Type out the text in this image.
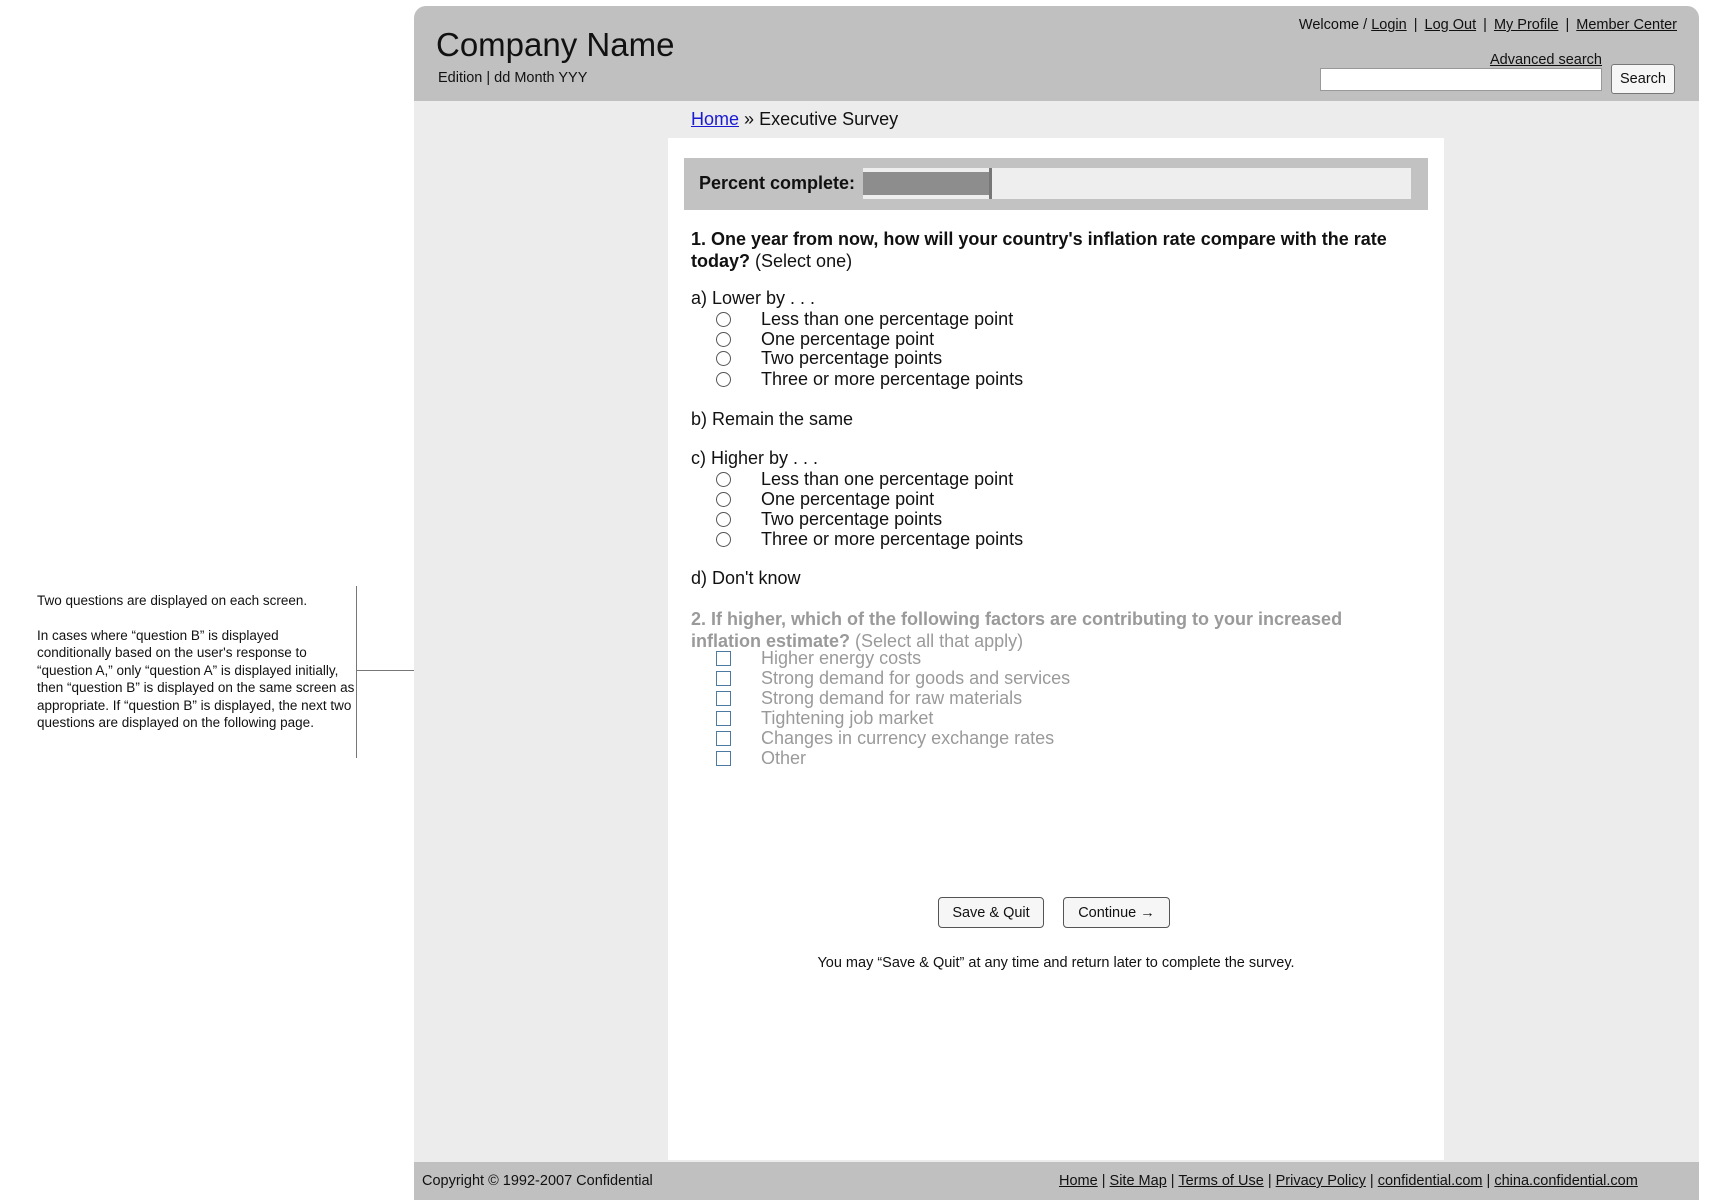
Two questions are displayed on each screen.

In cases where “question B” is displayed conditionally based on the user's response to “question A,” only “question A” is displayed initially, then “question B” is displayed on the same screen as appropriate. If “question B” is displayed, the next two questions are displayed on the following page.

Company Name
Edition | dd Month YYY
Welcome / Login | Log Out | My Profile | Member Center
Advanced search
Search
Home » Executive Survey
Percent complete:
1. One year from now, how will your country's inflation rate compare with the rate today? (Select one)
a) Lower by . . .
Less than one percentage point
One percentage point
Two percentage points
Three or more percentage points
b) Remain the same
c) Higher by . . .
Less than one percentage point
One percentage point
Two percentage points
Three or more percentage points
d) Don't know
2. If higher, which of the following factors are contributing to your increased inflation estimate? (Select all that apply)
Higher energy costs
Strong demand for goods and services
Strong demand for raw materials
Tightening job market
Changes in currency exchange rates
Other
Save & Quit	Continue →
You may “Save & Quit” at any time and return later to complete the survey.
Copyright © 1992-2007 Confidential	Home | Site Map | Terms of Use | Privacy Policy | confidential.com | china.confidential.com
